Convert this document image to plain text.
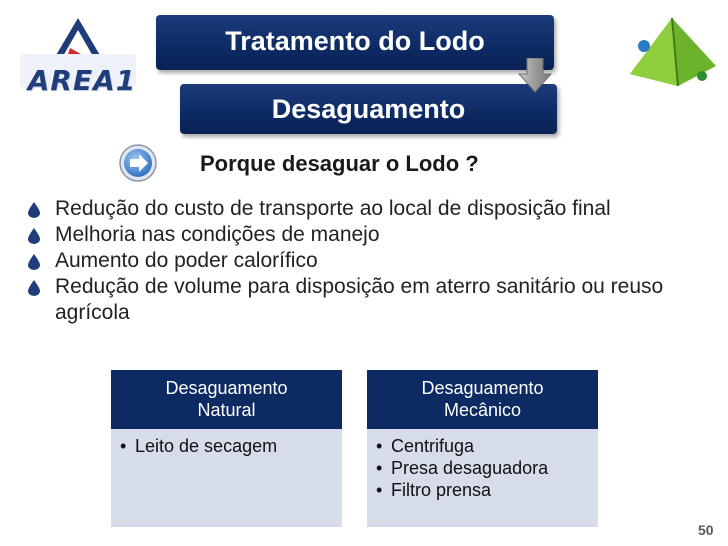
AREA1
Tratamento do Lodo
Desaguamento
Porque desaguar o Lodo ?
Redução do custo de transporte ao local de disposição final
Melhoria nas condições de manejo
Aumento do poder calorífico
Redução de volume para disposição em aterro sanitário ou reuso agrícola
Desaguamento
Natural
• Leito de secagem
Desaguamento
Mecânico
• Centrifuga
• Presa desaguadora
• Filtro prensa
50
